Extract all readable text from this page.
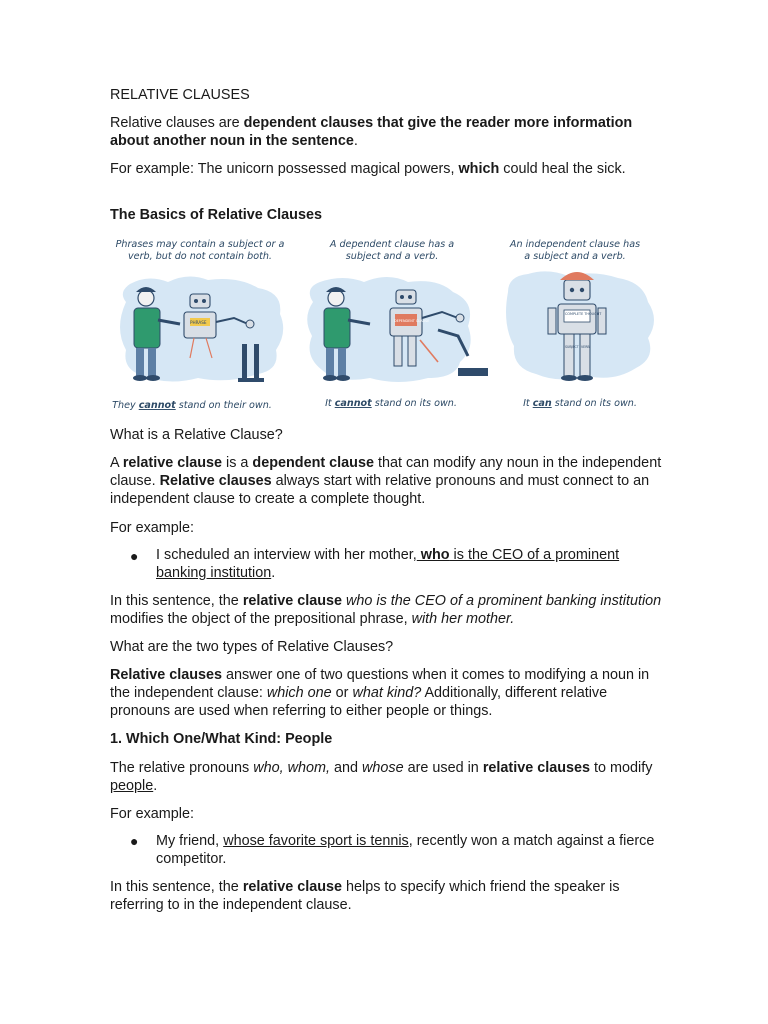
RELATIVE CLAUSES

Relative clauses are dependent clauses that give the reader more information about another noun in the sentence.

For example: The unicorn possessed magical powers, which could heal the sick.

The Basics of Relative Clauses

PHRASE	DEPENDENT CLAUSE
COMPLETE THOUGHT
SUBJECT VERB
Phrases may contain a subject or a
verb, but do not contain both.
A dependent clause has a
subject and a verb.
An independent clause has
a subject and a verb.
They cannot stand on their own.	It cannot stand on its own.	It can stand on its own.

What is a Relative Clause?

A relative clause is a dependent clause that can modify any noun in the independent clause. Relative clauses always start with relative pronouns and must connect to an independent clause to create a complete thought.

For example:

● I scheduled an interview with her mother, who is the CEO of a prominent banking institution.

In this sentence, the relative clause who is the CEO of a prominent banking institution modifies the object of the prepositional phrase, with her mother.

What are the two types of Relative Clauses?

Relative clauses answer one of two questions when it comes to modifying a noun in the independent clause: which one or what kind? Additionally, different relative pronouns are used when referring to either people or things.

1. Which One/What Kind: People

The relative pronouns who, whom, and whose are used in relative clauses to modify people.

For example:

● My friend, whose favorite sport is tennis, recently won a match against a fierce competitor.

In this sentence, the relative clause helps to specify which friend the speaker is referring to in the independent clause.
